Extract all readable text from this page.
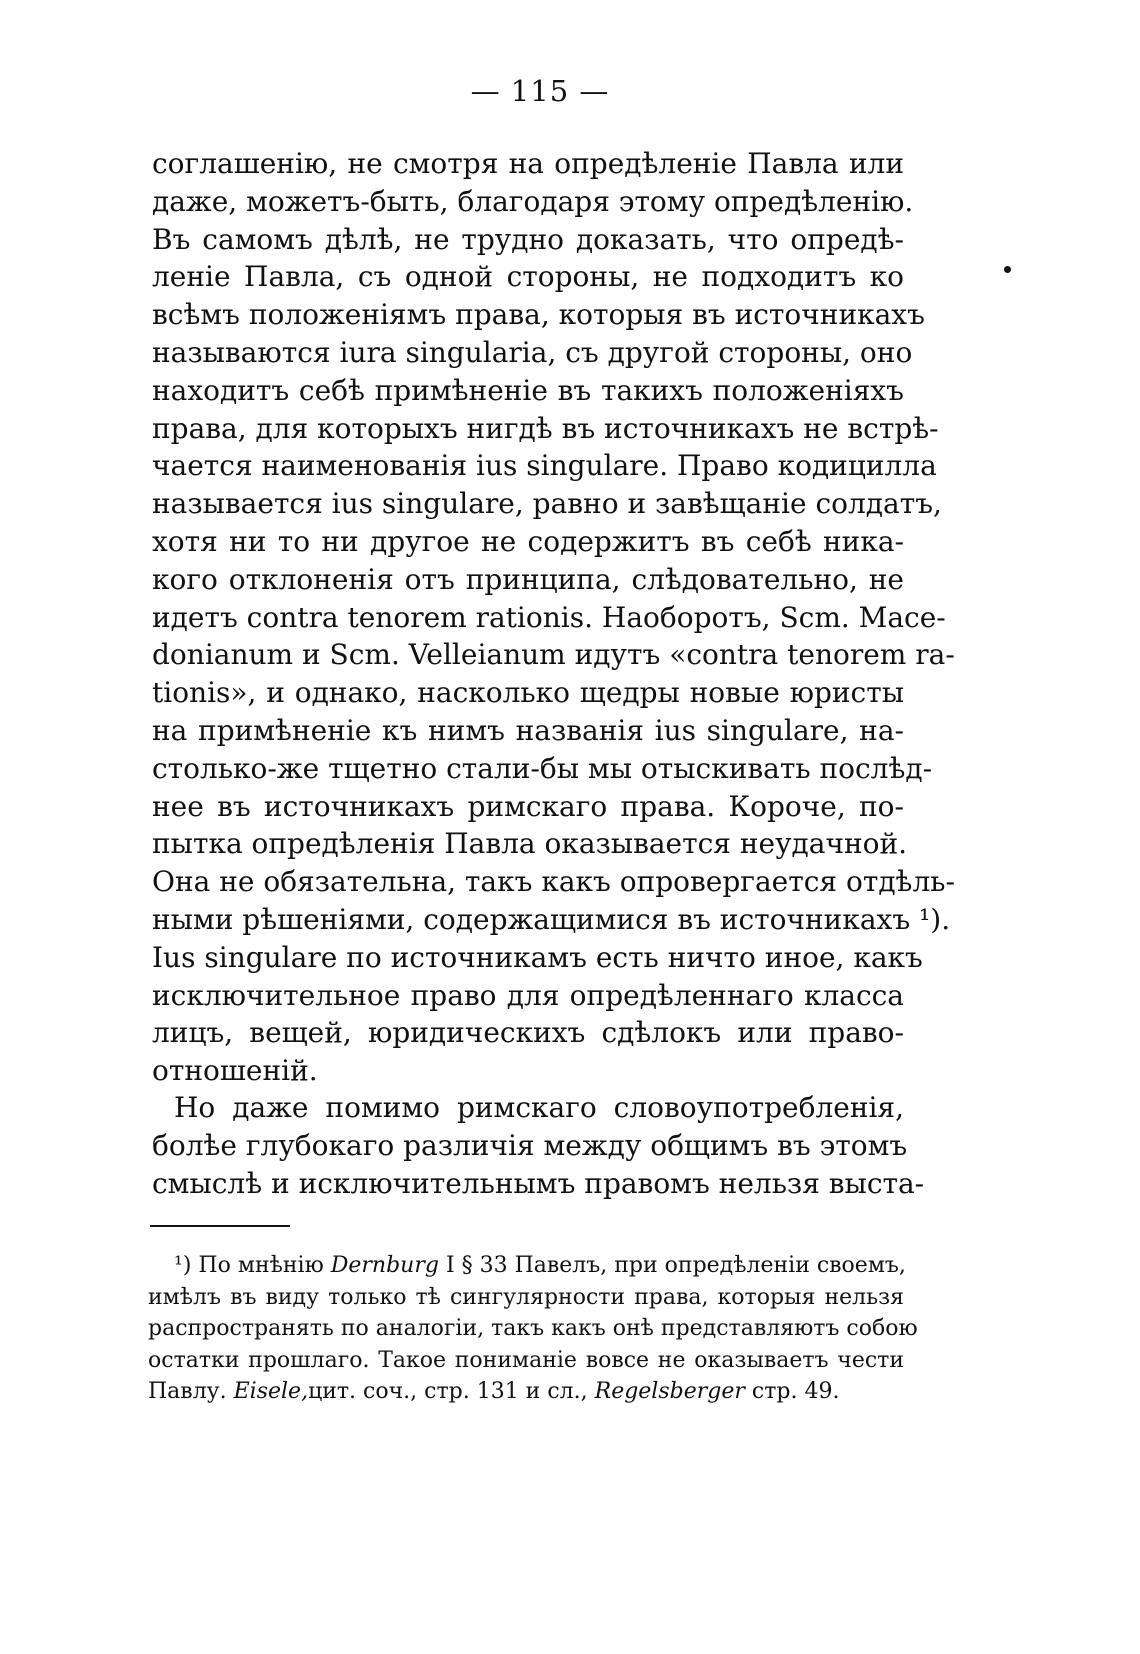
— 115 —
соглашенію, не смотря на опредѣленіе Павла или
даже, можетъ-быть, благодаря этому опредѣленію.
Въ самомъ дѣлѣ, не трудно доказать, что опредѣ-
леніе Павла, съ одной стороны, не подходитъ ко
всѣмъ положеніямъ права, которыя въ источникахъ
называются iura singularia, съ другой стороны, оно
находитъ себѣ примѣненіе въ такихъ положеніяхъ
права, для которыхъ нигдѣ въ источникахъ не встрѣ-
чается наименованія ius singulare. Право кодицилла
называется ius singulare, равно и завѣщаніе солдатъ,
хотя ни то ни другое не содержитъ въ себѣ ника-
кого отклоненія отъ принципа, слѣдовательно, не
идетъ contra tenorem rationis. Наоборотъ, Scm. Mace-
donianum и Scm. Velleianum идутъ «contra tenorem ra-
tionis», и однако, насколько щедры новые юристы
на примѣненіе къ нимъ названія ius singulare, на-
столько-же тщетно стали-бы мы отыскивать послѣд-
нее въ источникахъ римскаго права. Короче, по-
пытка опредѣленія Павла оказывается неудачной.
Она не обязательна, такъ какъ опровергается отдѣль-
ными рѣшеніями, содержащимися въ источникахъ ¹).
Ius singulare по источникамъ есть ничто иное, какъ
исключительное право для опредѣленнаго класса
лицъ, вещей, юридическихъ сдѣлокъ или право-
отношеній.
Но даже помимо римскаго словоупотребленія,
болѣе глубокаго различія между общимъ въ этомъ
смыслѣ и исключительнымъ правомъ нельзя выста-
¹) По мнѣнію Dernburg I § 33 Павелъ, при опредѣленіи своемъ,
имѣлъ въ виду только тѣ сингулярности права, которыя нельзя
распространять по аналогіи, такъ какъ онѣ представляютъ собою
остатки прошлаго. Такое пониманіе вовсе не оказываетъ чести
Павлу. Eisele,цит. соч., стр. 131 и сл., Regelsberger стр. 49.
